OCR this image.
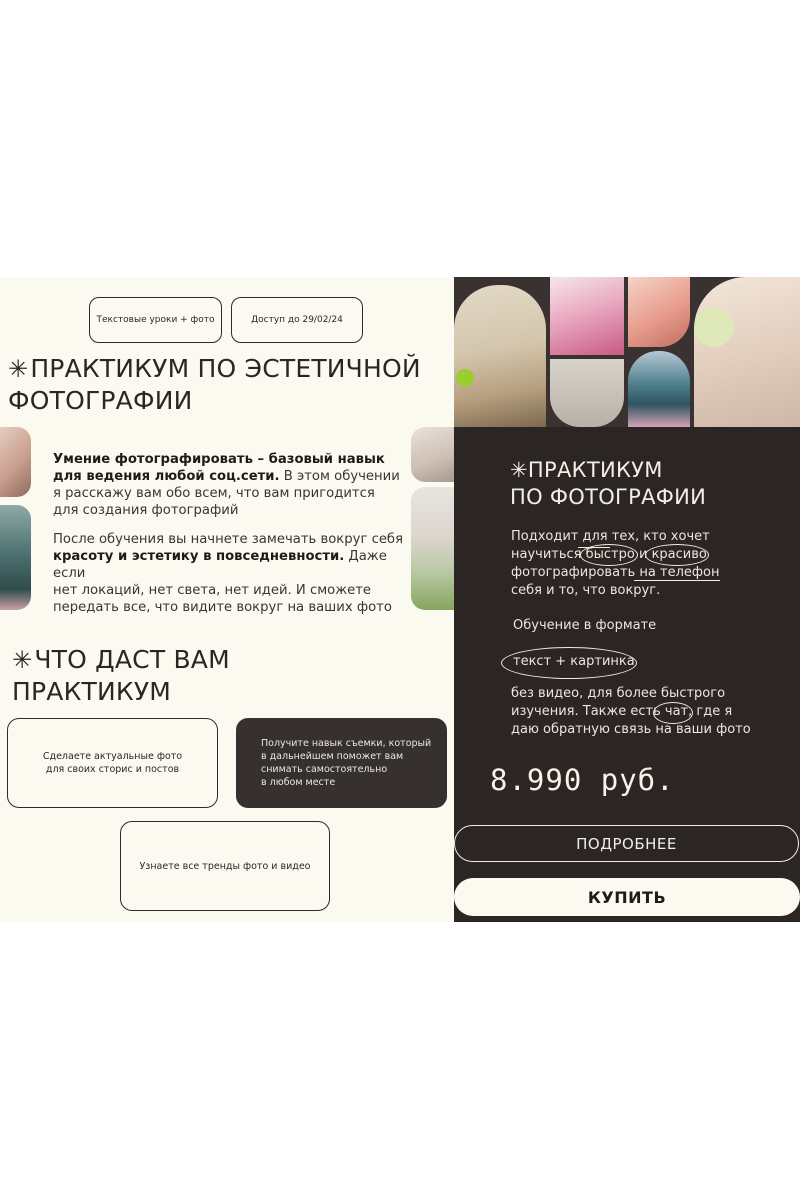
Текстовые уроки + фото	Доступ до 29/02/24
✳ПРАКТИКУМ ПО ЭСТЕТИЧНОЙ
ФОТОГРАФИИ
Умение фотографировать – базовый навык
для ведения любой соц.сети. В этом обучении
я расскажу вам обо всем, что вам пригодится
для создания фотографий
После обучения вы начнете замечать вокруг себя
красоту и эстетику в повседневности. Даже если
нет локаций, нет света, нет идей. И сможете
передать все, что видите вокруг на ваших фото
✳ЧТО ДАСТ ВАМ
ПРАКТИКУМ
Сделаете актуальные фото
для своих сторис и постов
Получите навык съемки, который
в дальнейшем поможет вам
снимать самостоятельно
в любом месте
Узнаете все тренды фото и видео
✳ПРАКТИКУМ
ПО ФОТОГРАФИИ
Подходит для тех, кто хочет
научиться быстро и красиво
фотографировать на телефон
себя и то, что вокруг.
Обучение в формате
текст + картинка
без видео, для более быстрого
изучения. Также есть чат, где я
даю обратную связь на ваши фото
8.990 руб.
ПОДРОБНЕЕ
КУПИТЬ
